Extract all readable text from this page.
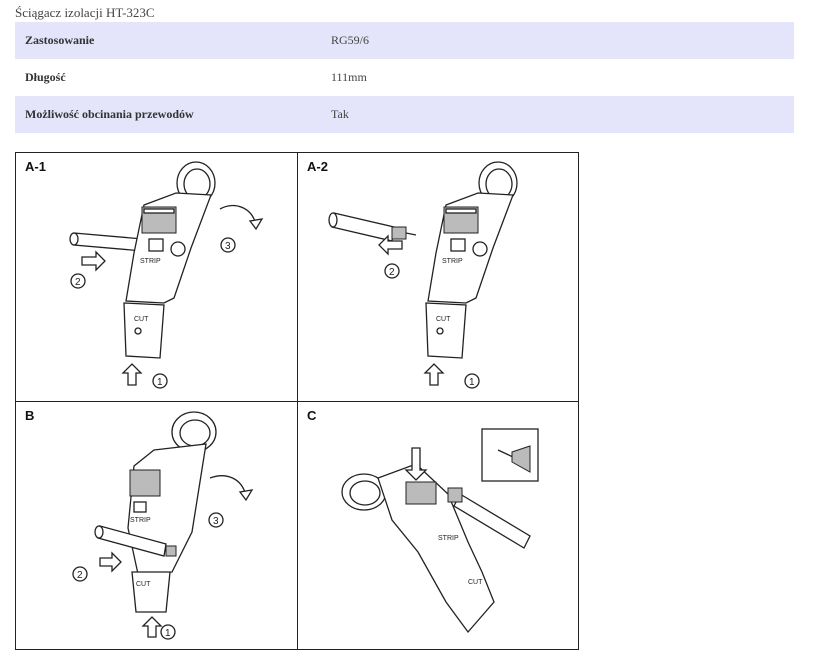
Ściągacz izolacji HT-323C
Zastosowanie	RG59/6
Długość	111mm
Możliwość obcinania przewodów	Tak
STRIP
CUT
1
2
3
A-1
STRIP
CUT
1
2
A-2
STRIP
CUT
1
2
3
B
STRIP
CUT
C
